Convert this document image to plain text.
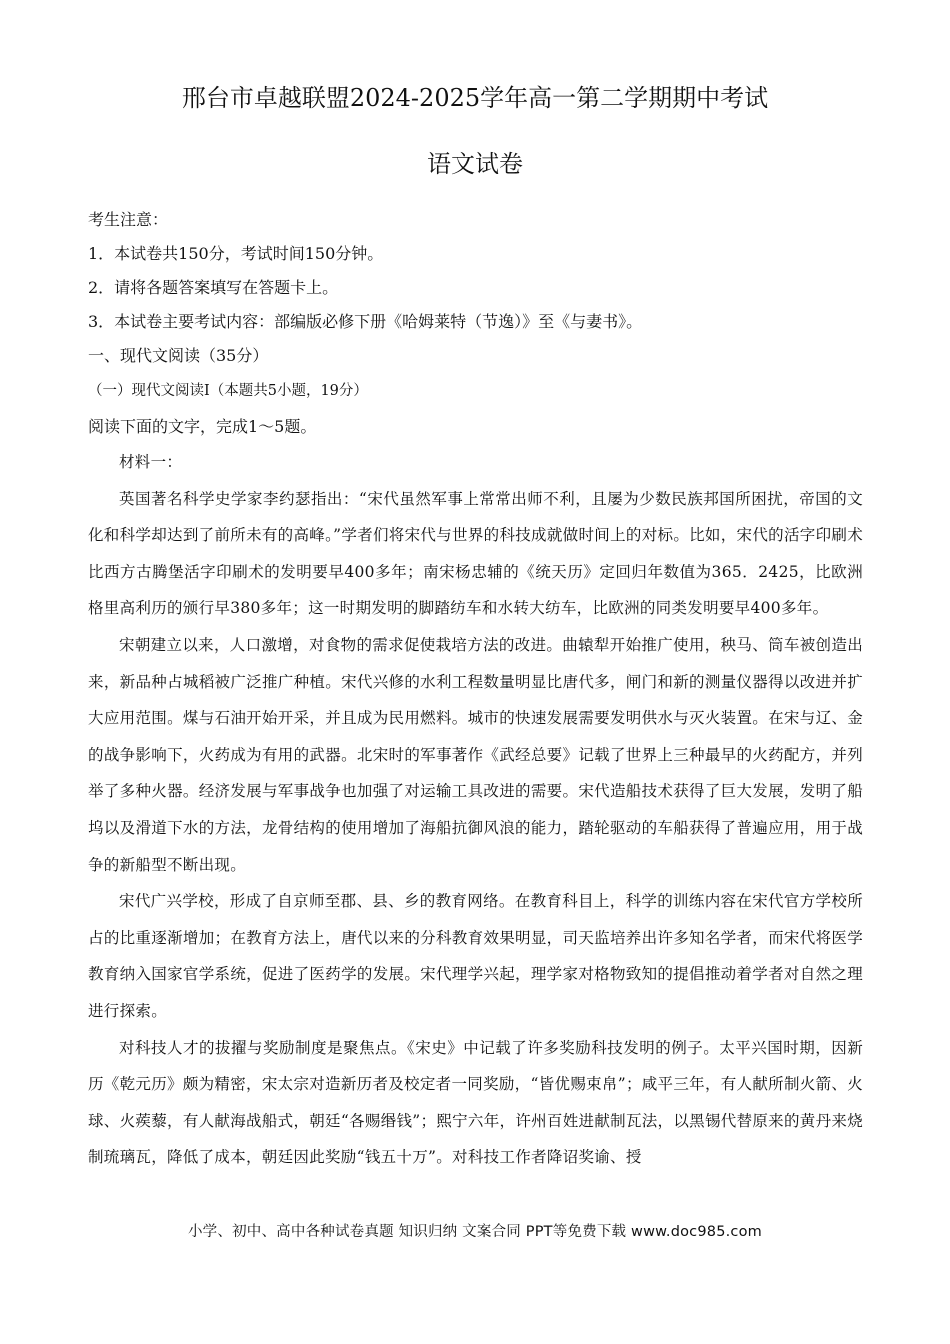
邢台市卓越联盟2024-2025学年高一第二学期期中考试
语文试卷
考生注意：
1．本试卷共150分，考试时间150分钟。
2．请将各题答案填写在答题卡上。
3．本试卷主要考试内容：部编版必修下册《哈姆莱特（节逸）》至《与妻书》。
一、现代文阅读（35分）
（一）现代文阅读I（本题共5小题，19分）
阅读下面的文字，完成1～5题。

材料一：

英国著名科学史学家李约瑟指出：“宋代虽然军事上常常出师不利，且屡为少数民族邦国所困扰，帝国的文化和科学却达到了前所未有的高峰。”学者们将宋代与世界的科技成就做时间上的对标。比如，宋代的活字印刷术比西方古腾堡活字印刷术的发明要早400多年；南宋杨忠辅的《统天历》定回归年数值为365．2425，比欧洲格里高利历的颁行早380多年；这一时期发明的脚踏纺车和水转大纺车，比欧洲的同类发明要早400多年。

宋朝建立以来，人口激增，对食物的需求促使栽培方法的改进。曲辕犁开始推广使用，秧马、筒车被创造出来，新品种占城稻被广泛推广种植。宋代兴修的水利工程数量明显比唐代多，闸门和新的测量仪器得以改进并扩大应用范围。煤与石油开始开采，并且成为民用燃料。城市的快速发展需要发明供水与灭火装置。在宋与辽、金的战争影响下，火药成为有用的武器。北宋时的军事著作《武经总要》记载了世界上三种最早的火药配方，并列举了多种火器。经济发展与军事战争也加强了对运输工具改进的需要。宋代造船技术获得了巨大发展，发明了船坞以及滑道下水的方法，龙骨结构的使用增加了海船抗御风浪的能力，踏轮驱动的车船获得了普遍应用，用于战争的新船型不断出现。

宋代广兴学校，形成了自京师至郡、县、乡的教育网络。在教育科目上，科学的训练内容在宋代官方学校所占的比重逐渐增加；在教育方法上，唐代以来的分科教育效果明显，司天监培养出许多知名学者，而宋代将医学教育纳入国家官学系统，促进了医药学的发展。宋代理学兴起，理学家对格物致知的提倡推动着学者对自然之理进行探索。

对科技人才的拔擢与奖励制度是聚焦点。《宋史》中记载了许多奖励科技发明的例子。太平兴国时期，因新历《乾元历》颇为精密，宋太宗对造新历者及校定者一同奖励，“皆优赐束帛”；咸平三年，有人献所制火箭、火球、火蒺藜，有人献海战船式，朝廷“各赐缗钱”；熙宁六年，许州百姓进献制瓦法，以黑锡代替原来的黄丹来烧制琉璃瓦，降低了成本，朝廷因此奖励“钱五十万”。对科技工作者降诏奖谕、授

小学、初中、高中各种试卷真题 知识归纳 文案合同 PPT等免费下载 www.doc985.com
